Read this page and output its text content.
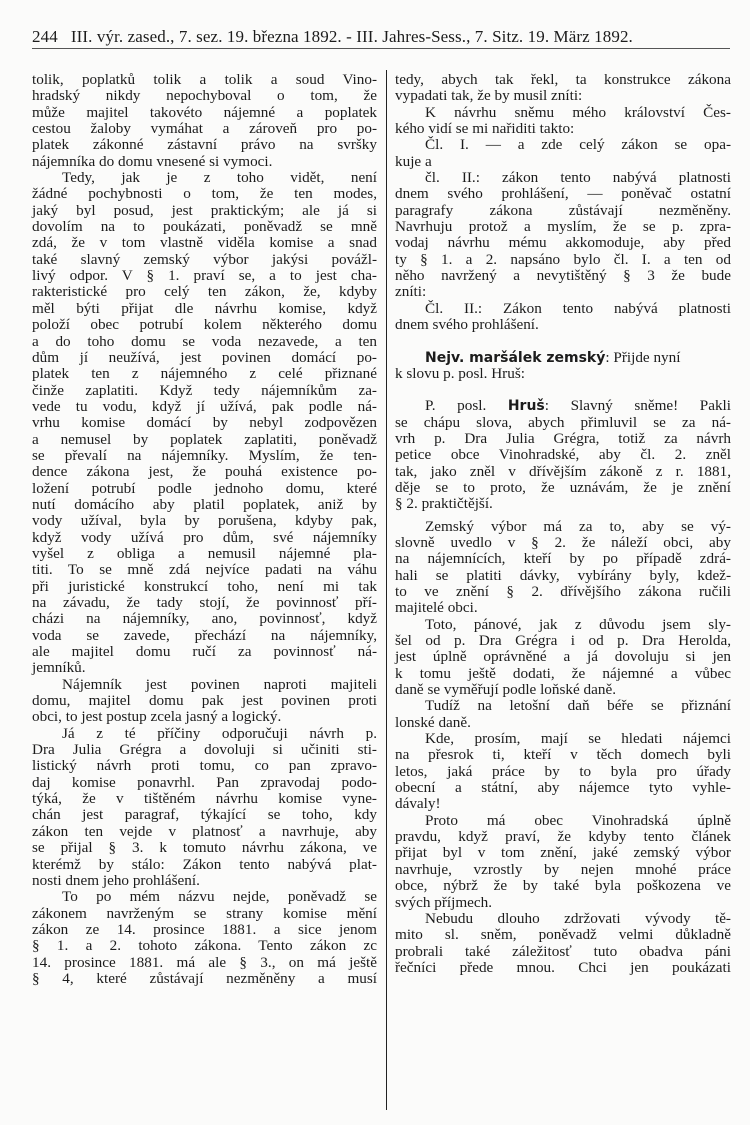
244 III. výr. zased., 7. sez. 19. března 1892. - III. Jahres-Sess., 7. Sitz. 19. März 1892.
tolik, poplatků tolik a tolik a soud Vino-
hradský nikdy nepochyboval o tom, že
může majitel takovéto nájemné a poplatek
cestou žaloby vymáhat a zároveň pro po-
platek zákonné zástavní právo na svršky
nájemníka do domu vnesené si vymoci.
Tedy, jak je z toho vidět, není
žádné pochybnosti o tom, že ten modes,
jaký byl posud, jest praktickým; ale já si
dovolím na to poukázati, poněvadž se mně
zdá, že v tom vlastně viděla komise a snad
také slavný zemský výbor jakýsi povážl-
livý odpor. V § 1. praví se, a to jest cha-
rakteristické pro celý ten zákon, že, kdyby
měl býti přijat dle návrhu komise, když
položí obec potrubí kolem některého domu
a do toho domu se voda nezavede, a ten
dům jí neužívá, jest povinen domácí po-
platek ten z nájemného z celé přiznané
činže zaplatiti. Když tedy nájemníkům za-
vede tu vodu, když jí užívá, pak podle ná-
vrhu komise domácí by nebyl zodpovězen
a nemusel by poplatek zaplatiti, poněvadž
se převalí na nájemníky. Myslím, že ten-
dence zákona jest, že pouhá existence po-
ložení potrubí podle jednoho domu, které
nutí domácího aby platil poplatek, aniž by
vody užíval, byla by porušena, kdyby pak,
když vody užívá pro dům, své nájemníky
vyšel z obliga a nemusil nájemné pla-
titi. To se mně zdá nejvíce padati na váhu
při juristické konstrukcí toho, není mi tak
na závadu, že tady stojí, že povinnosť pří-
cházi na nájemníky, ano, povinnosť, když
voda se zavede, přechází na nájemníky,
ale majitel domu ručí za povinnosť ná-
jemníků.
Nájemník jest povinen naproti majiteli
domu, majitel domu pak jest povinen proti
obci, to jest postup zcela jasný a logický.
Já z té příčiny odporučuji návrh p.
Dra Julia Grégra a dovoluji si učiniti sti-
listický návrh proti tomu, co pan zpravo-
daj komise ponavrhl. Pan zpravodaj podo-
týká, že v tištěném návrhu komise vyne-
chán jest paragraf, týkající se toho, kdy
zákon ten vejde v platnosť a navrhuje, aby
se přijal § 3. k tomuto návrhu zákona, ve
kterémž by stálo: Zákon tento nabývá plat-
nosti dnem jeho prohlášení.
To po mém názvu nejde, poněvadž se
zákonem navrženým se strany komise mění
zákon ze 14. prosince 1881. a sice jenom
§ 1. a 2. tohoto zákona. Tento zákon zc
14. prosince 1881. má ale § 3., on má ještě
§ 4, které zůstávají nezměněny a musí
tedy, abych tak řekl, ta konstrukce zákona
vypadati tak, že by musil zníti:
K návrhu sněmu mého království Čes-
kého vidí se mi nařiditi takto:
Čl. I. — a zde celý zákon se opa-
kuje a
čl. II.: zákon tento nabývá platnosti
dnem svého prohlášení, — poněvač ostatní
paragrafy zákona zůstávají nezměněny.
Navrhuju protož a myslím, že se p. zpra-
vodaj návrhu mému akkomoduje, aby před
ty § 1. a 2. napsáno bylo čl. I. a ten od
něho navržený a nevytištěný § 3 že bude
zníti:
Čl. II.: Zákon tento nabývá platnosti
dnem svého prohlášení.
Nejv. maršálek zemský: Přijde nyní
k slovu p. posl. Hruš:
P. posl. Hruš: Slavný sněme! Pakli
se chápu slova, abych přimluvil se za ná-
vrh p. Dra Julia Grégra, totiž za návrh
petice obce Vinohradské, aby čl. 2. zněl
tak, jako zněl v dřívějším zákoně z r. 1881,
děje se to proto, že uznávám, že je znění
§ 2. praktičtější.
Zemský výbor má za to, aby se vý-
slovně uvedlo v § 2. že náleží obci, aby
na nájemnících, kteří by po případě zdrá-
hali se platiti dávky, vybírány byly, kdež-
to ve znění § 2. dřívějšího zákona ručili
majitelé obci.
Toto, pánové, jak z důvodu jsem sly-
šel od p. Dra Grégra i od p. Dra Herolda,
jest úplně oprávněné a já dovoluju si jen
k tomu ještě dodati, že nájemné a vůbec
daně se vyměřují podle loňské daně.
Tudíž na letošní daň béře se přiznání
lonské daně.
Kde, prosím, mají se hledati nájemci
na přesrok ti, kteří v těch domech byli
letos, jaká práce by to byla pro úřady
obecní a státní, aby nájemce tyto vyhle-
dávaly!
Proto má obec Vinohradská úplně
pravdu, když praví, že kdyby tento článek
přijat byl v tom znění, jaké zemský výbor
navrhuje, vzrostly by nejen mnohé práce
obce, nýbrž že by také byla poškozena ve
svých příjmech.
Nebudu dlouho zdržovati vývody tě-
mito sl. sněm, poněvadž velmi důkladně
probrali také záležitosť tuto obadva páni
řečníci přede mnou. Chci jen poukázati
